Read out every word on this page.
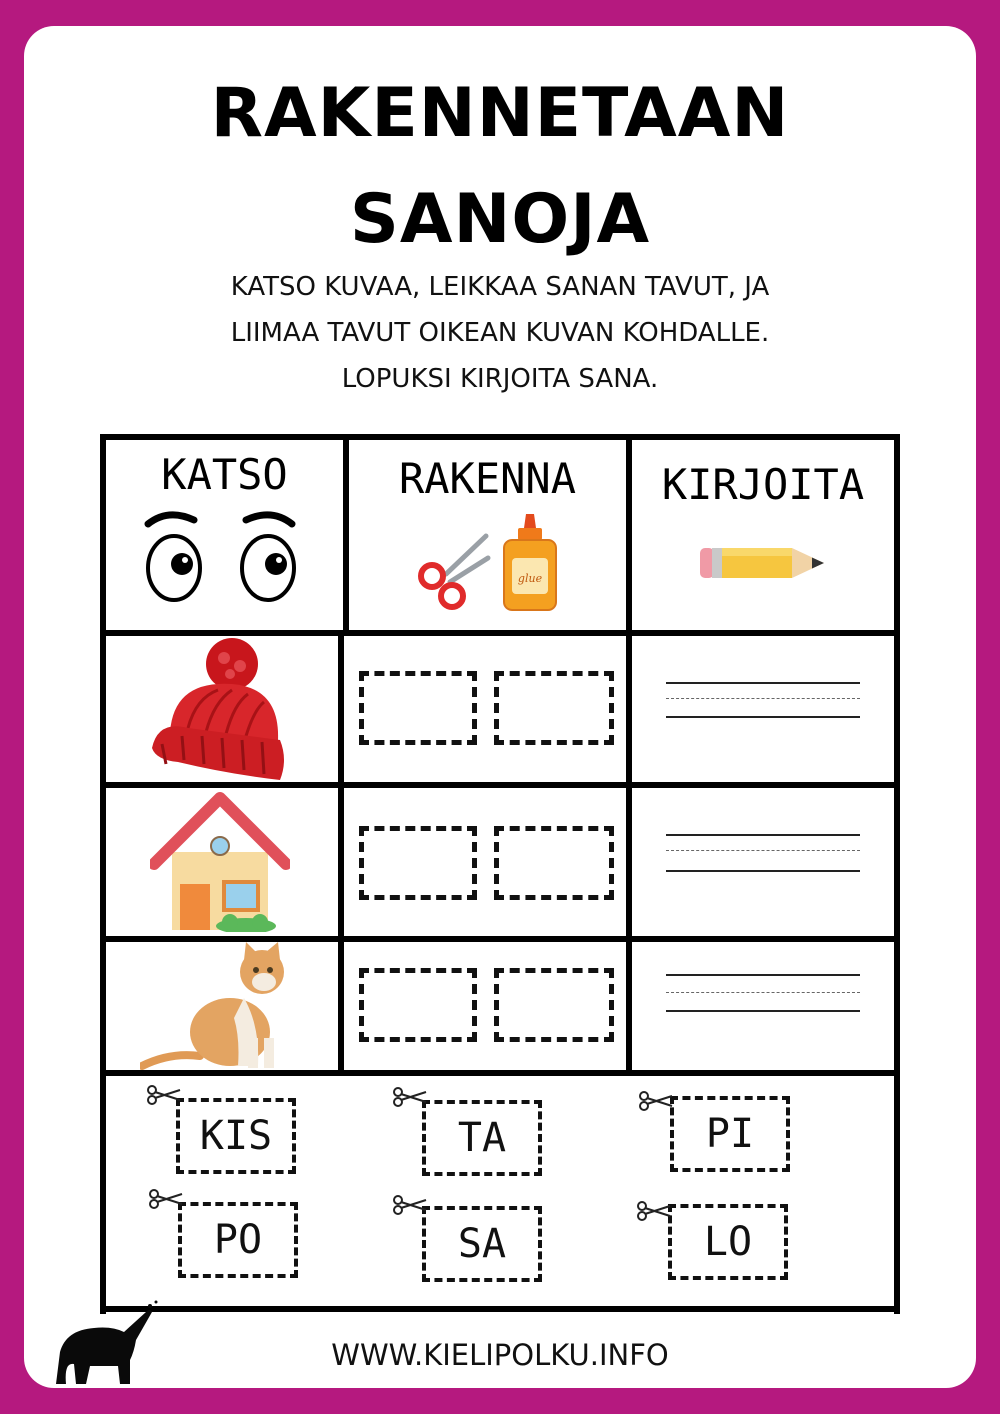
RAKENNETAAN
SANOJA
KATSO KUVAA, LEIKKAA SANAN TAVUT, JA
LIIMAA TAVUT OIKEAN KUVAN KOHDALLE.
LOPUKSI KIRJOITA SANA.
KATSO	RAKENNA	KIRJOITA
glue
KIS	TA	PI
PO	SA	LO
WWW.KIELIPOLKU.INFO
